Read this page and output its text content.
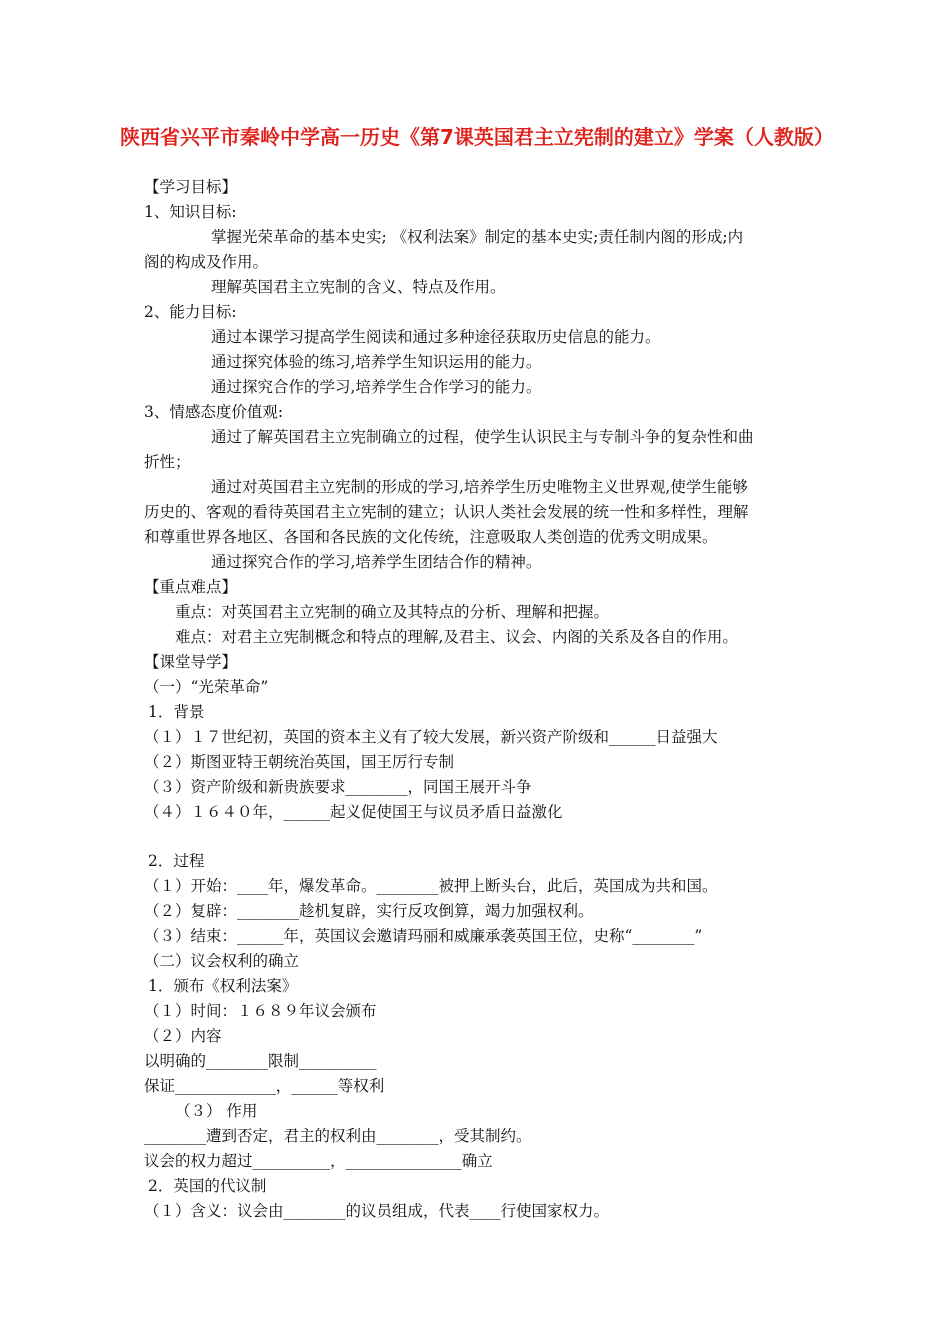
陕西省兴平市秦岭中学高一历史《第7课英国君主立宪制的建立》学案（人教版）
【学习目标】
1、知识目标:
掌握光荣革命的基本史实; 《权利法案》制定的基本史实;责任制内阁的形成;内
阁的构成及作用。
理解英国君主立宪制的含义、特点及作用。
2、能力目标:
通过本课学习提高学生阅读和通过多种途径获取历史信息的能力。
通过探究体验的练习,培养学生知识运用的能力。
通过探究合作的学习,培养学生合作学习的能力。
3、情感态度价值观:
通过了解英国君主立宪制确立的过程，使学生认识民主与专制斗争的复杂性和曲
折性；
通过对英国君主立宪制的形成的学习,培养学生历史唯物主义世界观,使学生能够
历史的、客观的看待英国君主立宪制的建立；认识人类社会发展的统一性和多样性，理解
和尊重世界各地区、各国和各民族的文化传统，注意吸取人类创造的优秀文明成果。
通过探究合作的学习,培养学生团结合作的精神。
【重点难点】
重点：对英国君主立宪制的确立及其特点的分析、理解和把握。
难点：对君主立宪制概念和特点的理解,及君主、议会、内阁的关系及各自的作用。
【课堂导学】
（一）“光荣革命”
1．背景
（１）１７世纪初，英国的资本主义有了较大发展，新兴资产阶级和______日益强大
（２）斯图亚特王朝统治英国，国王厉行专制
（３）资产阶级和新贵族要求________，同国王展开斗争
（４）１６４０年，______起义促使国王与议员矛盾日益激化
2．过程
（１）开始：____年，爆发革命。________被押上断头台，此后，英国成为共和国。
（２）复辟：________趁机复辟，实行反攻倒算，竭力加强权利。
（３）结束：______年，英国议会邀请玛丽和威廉承袭英国王位，史称“________”
（二）议会权利的确立
1．颁布《权利法案》
（１）时间：１６８９年议会颁布
（２）内容
以明确的________限制__________
保证_____________，______等权利
（３） 作用
________遭到否定，君主的权利由________，受其制约。
议会的权力超过__________，_______________确立
2．英国的代议制
（１）含义：议会由________的议员组成，代表____行使国家权力。
